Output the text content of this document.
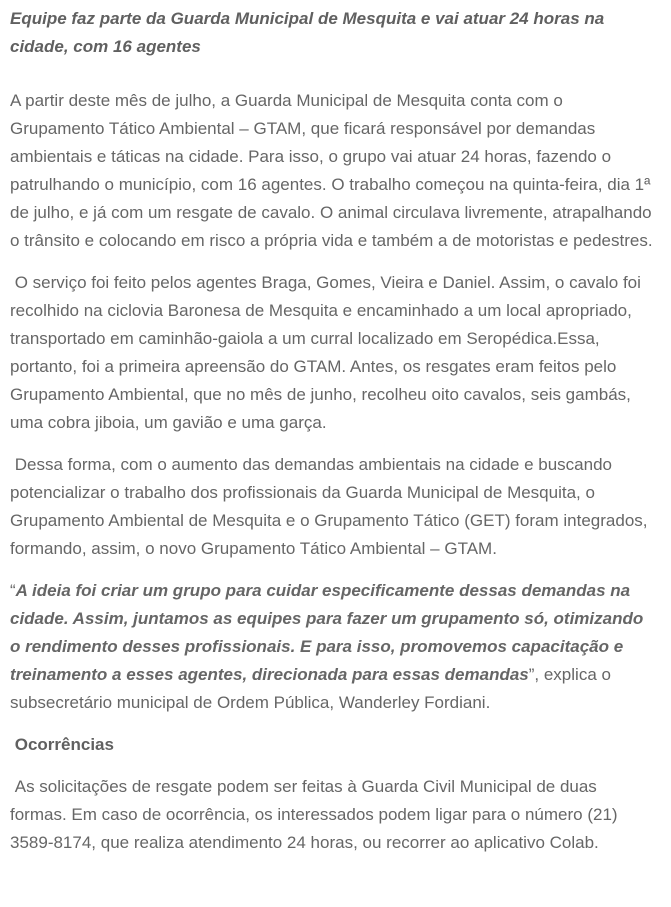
Equipe faz parte da Guarda Municipal de Mesquita e vai atuar 24 horas na cidade, com 16 agentes

A partir deste mês de julho, a Guarda Municipal de Mesquita conta com o Grupamento Tático Ambiental – GTAM, que ficará responsável por demandas ambientais e táticas na cidade. Para isso, o grupo vai atuar 24 horas, fazendo o patrulhando o município, com 16 agentes. O trabalho começou na quinta-feira, dia 1ª de julho, e já com um resgate de cavalo. O animal circulava livremente, atrapalhando o trânsito e colocando em risco a própria vida e também a de motoristas e pedestres.

O serviço foi feito pelos agentes Braga, Gomes, Vieira e Daniel. Assim, o cavalo foi recolhido na ciclovia Baronesa de Mesquita e encaminhado a um local apropriado, transportado em caminhão-gaiola a um curral localizado em Seropédica.Essa, portanto, foi a primeira apreensão do GTAM. Antes, os resgates eram feitos pelo Grupamento Ambiental, que no mês de junho, recolheu oito cavalos, seis gambás, uma cobra jiboia, um gavião e uma garça.

Dessa forma, com o aumento das demandas ambientais na cidade e buscando potencializar o trabalho dos profissionais da Guarda Municipal de Mesquita, o Grupamento Ambiental de Mesquita e o Grupamento Tático (GET) foram integrados, formando, assim, o novo Grupamento Tático Ambiental – GTAM.

“A ideia foi criar um grupo para cuidar especificamente dessas demandas na cidade. Assim, juntamos as equipes para fazer um grupamento só, otimizando o rendimento desses profissionais. E para isso, promovemos capacitação e treinamento a esses agentes, direcionada para essas demandas”, explica o subsecretário municipal de Ordem Pública, Wanderley Fordiani.

Ocorrências

As solicitações de resgate podem ser feitas à Guarda Civil Municipal de duas formas. Em caso de ocorrência, os interessados podem ligar para o número (21) 3589-8174, que realiza atendimento 24 horas, ou recorrer ao aplicativo Colab.
